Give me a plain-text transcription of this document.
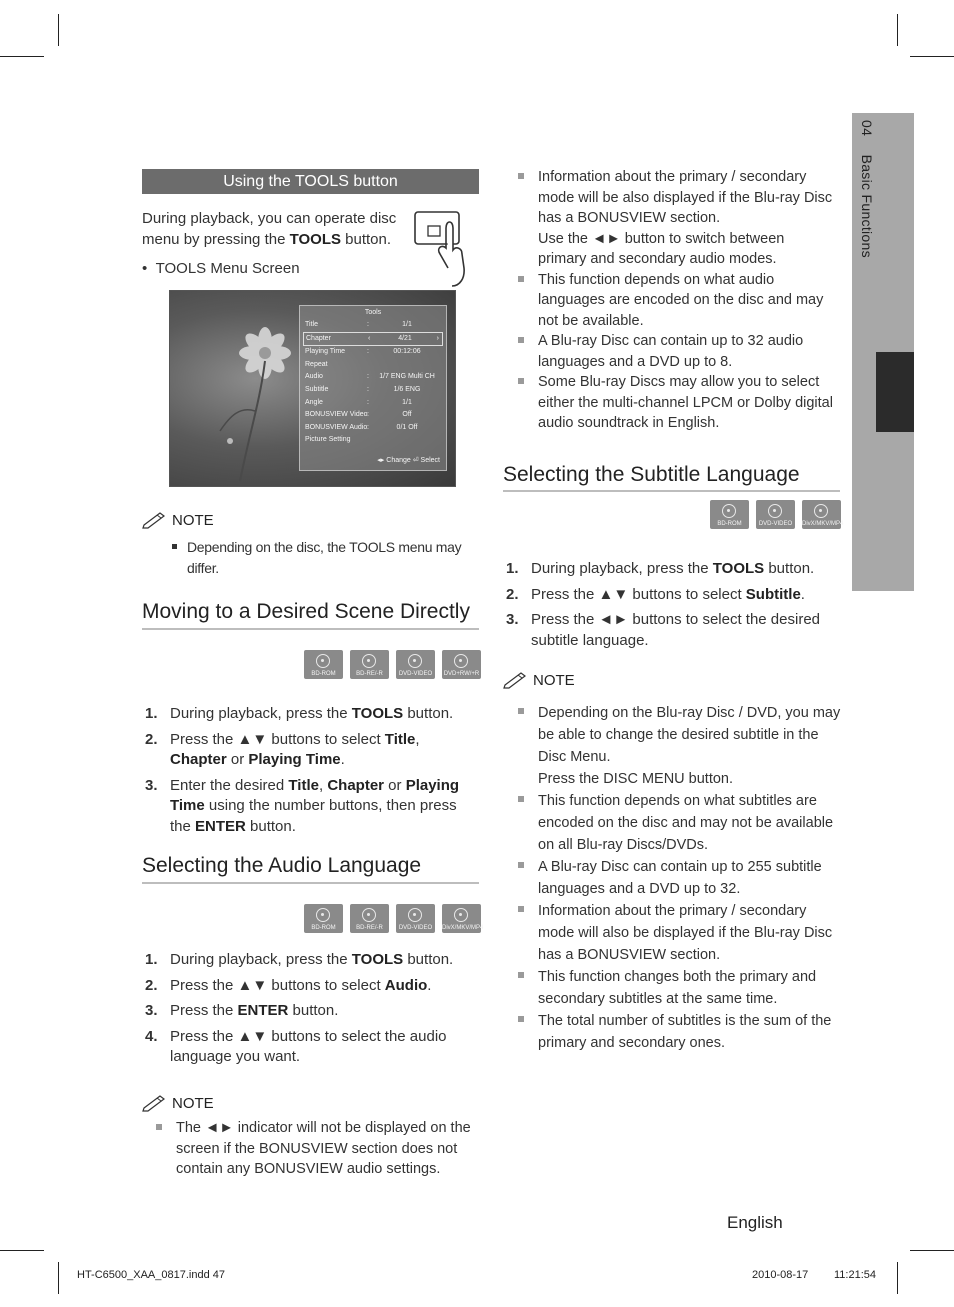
04  Basic Functions
Using the TOOLS button
During playback, you can operate disc
menu by pressing the TOOLS button.
•  TOOLS Menu Screen
Tools
Title	:	1/1
Chapter	4/21
‹	›
Playing Time	:	00:12:06
Repeat
Audio	:	1/7 ENG Multi CH
Subtitle	:	1/6 ENG
Angle	:	1/1
BONUSVIEW Video :	Off
BONUSVIEW Audio :	0/1 Off
Picture Setting
◂▸ Change ⏎ Select
NOTE
Depending on the disc, the TOOLS menu may differ.
Moving to a Desired Scene Directly
BD-ROM	BD-RE/-R	DVD-VIDEO	DVD+RW/+R
1. During playback, press the TOOLS button.
2. Press the ▲▼ buttons to select Title, Chapter or Playing Time.
3. Enter the desired Title, Chapter or Playing Time using the number buttons, then press the ENTER button.
Selecting the Audio Language
BD-ROM	BD-RE/-R	DVD-VIDEO	DivX/MKV/MP4
1. During playback, press the TOOLS button.
2. Press the ▲▼ buttons to select Audio.
3. Press the ENTER button.
4. Press the ▲▼ buttons to select the audio language you want.
NOTE
The ◄► indicator will not be displayed on the screen if the BONUSVIEW section does not contain any BONUSVIEW audio settings.
Information about the primary / secondary mode will be also displayed if the Blu-ray Disc has a BONUSVIEW section.
Use the ◄► button to switch between primary and secondary audio modes.
This function depends on what audio languages are encoded on the disc and may not be available.
A Blu-ray Disc can contain up to 32 audio languages and a DVD up to 8.
Some Blu-ray Discs may allow you to select either the multi-channel LPCM or Dolby digital audio soundtrack in English.
Selecting the Subtitle Language
BD-ROM	DVD-VIDEO	DivX/MKV/MP4
1. During playback, press the TOOLS button.
2. Press the ▲▼ buttons to select Subtitle.
3. Press the ◄► buttons to select the desired subtitle language.
NOTE
Depending on the Blu-ray Disc / DVD, you may be able to change the desired subtitle in the Disc Menu.
Press the DISC MENU button.
This function depends on what subtitles are encoded on the disc and may not be available on all Blu-ray Discs/DVDs.
A Blu-ray Disc can contain up to 255 subtitle languages and a DVD up to 32.
Information about the primary / secondary mode will also be displayed if the Blu-ray Disc has a BONUSVIEW section.
This function changes both the primary and secondary subtitles at the same time.
The total number of subtitles is the sum of the primary and secondary ones.
English
HT-C6500_XAA_0817.indd 47	2010-08-17 11:21:54
